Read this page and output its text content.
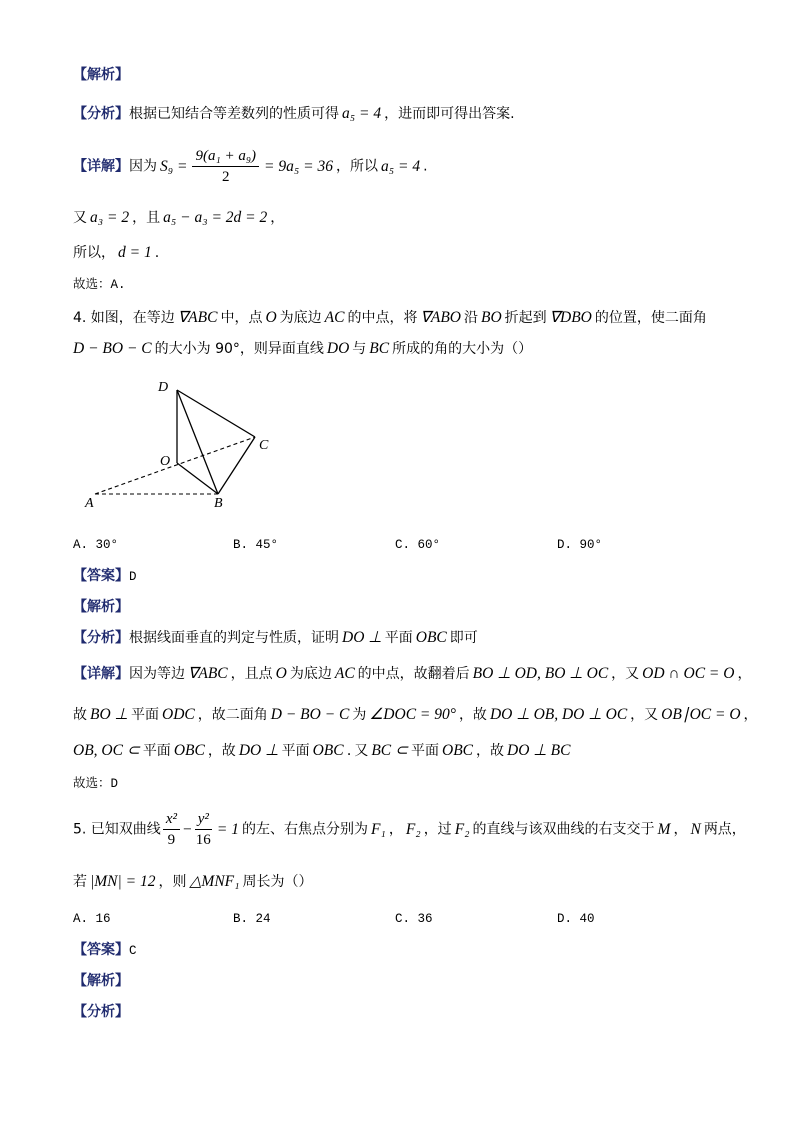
【解析】
【分析】根据已知结合等差数列的性质可得 a₅ = 4 ，进而即可得出答案.
【详解】因为 $S_9 = \frac{\text{9(a₁ + a₉)}}{2} = 9a_5 = 36$ ，所以 a₅ = 4 .
又 a₃ = 2 ，且 a₅ − a₃ = 2d = 2 ，
所以， d = 1 .
故选：A.
4. 如图，在等边 ∇ABC 中，点 O 为底边 AC 的中点，将 ∇ABO 沿 BO 折起到 ∇DBO 的位置，使二面角
D − BO − C 的大小为 90°，则异面直线 DO 与 BC 所成的角的大小为（）
D
O
C
A	B
A. 30°	B. 45°	C. 60°	D. 90°
【答案】D
【解析】
【分析】根据线面垂直的判定与性质，证明 DO ⊥ 平面 OBC 即可
【详解】因为等边 ∇ABC ，且点 O 为底边 AC 的中点，故翻着后 BO ⊥ OD, BO ⊥ OC ，又 OD ∩ OC = O ，
故 BO ⊥ 平面 ODC ，故二面角 D − BO − C 为 ∠DOC = 90° ，故 DO ⊥ OB, DO ⊥ OC ，又 OB∣OC = O ，
OB, OC ⊂ 平面 OBC ，故 DO ⊥ 平面 OBC . 又 BC ⊂ 平面 OBC ，故 DO ⊥ BC
故选：D
5. 已知双曲线 $\frac{\text{x²}}{9} - \frac{\text{y²}}{16} = 1$ 的左、右焦点分别为 F₁ ， F₂ ，过 F₂ 的直线与该双曲线的右支交于 M ， N 两点，
若 |MN| = 12 ，则 △MNF₁ 周长为（）
A. 16	B. 24	C. 36	D. 40
【答案】C
【解析】
【分析】
